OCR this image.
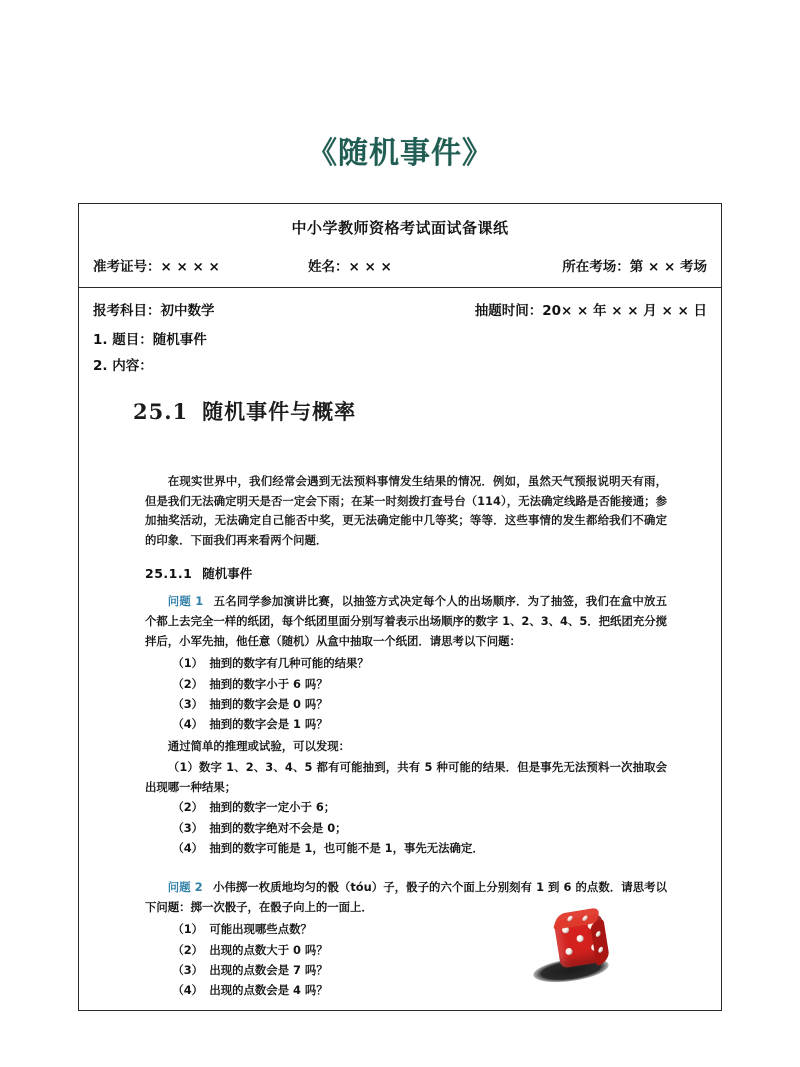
《随机事件》
中小学教师资格考试面试备课纸
准考证号：× × × ×	姓名：× × ×	所在考场：第 × × 考场
报考科目：初中数学	抽题时间：20× × 年 × × 月 × × 日
1. 题目：随机事件
2. 内容：
25.1 随机事件与概率

在现实世界中，我们经常会遇到无法预料事情发生结果的情况．例如，虽然天气预报说明天有雨，但是我们无法确定明天是否一定会下雨；在某一时刻拨打查号台（114），无法确定线路是否能接通；参加抽奖活动，无法确定自己能否中奖，更无法确定能中几等奖；等等．这些事情的发生都给我们不确定的印象．下面我们再来看两个问题．

25.1.1 随机事件

问题 1 五名同学参加演讲比赛，以抽签方式决定每个人的出场顺序．为了抽签，我们在盒中放五个都上去完全一样的纸团，每个纸团里面分别写着表示出场顺序的数字 1、2、3、4、5．把纸团充分搅拌后，小军先抽，他任意（随机）从盒中抽取一个纸团．请思考以下问题：

（1） 抽到的数字有几种可能的结果？
（2） 抽到的数字小于 6 吗？
（3） 抽到的数字会是 0 吗？
（4） 抽到的数字会是 1 吗？

通过简单的推理或试验，可以发现：

（1）数字 1、2、3、4、5 都有可能抽到，共有 5 种可能的结果．但是事先无法预料一次抽取会出现哪一种结果；

（2） 抽到的数字一定小于 6；
（3） 抽到的数字绝对不会是 0；
（4） 抽到的数字可能是 1，也可能不是 1，事先无法确定．

问题 2 小伟掷一枚质地均匀的骰（tóu）子，骰子的六个面上分别刻有 1 到 6 的点数．请思考以下问题：掷一次骰子，在骰子向上的一面上．

（1） 可能出现哪些点数？
（2） 出现的点数大于 0 吗？
（3） 出现的点数会是 7 吗？
（4） 出现的点数会是 4 吗？
